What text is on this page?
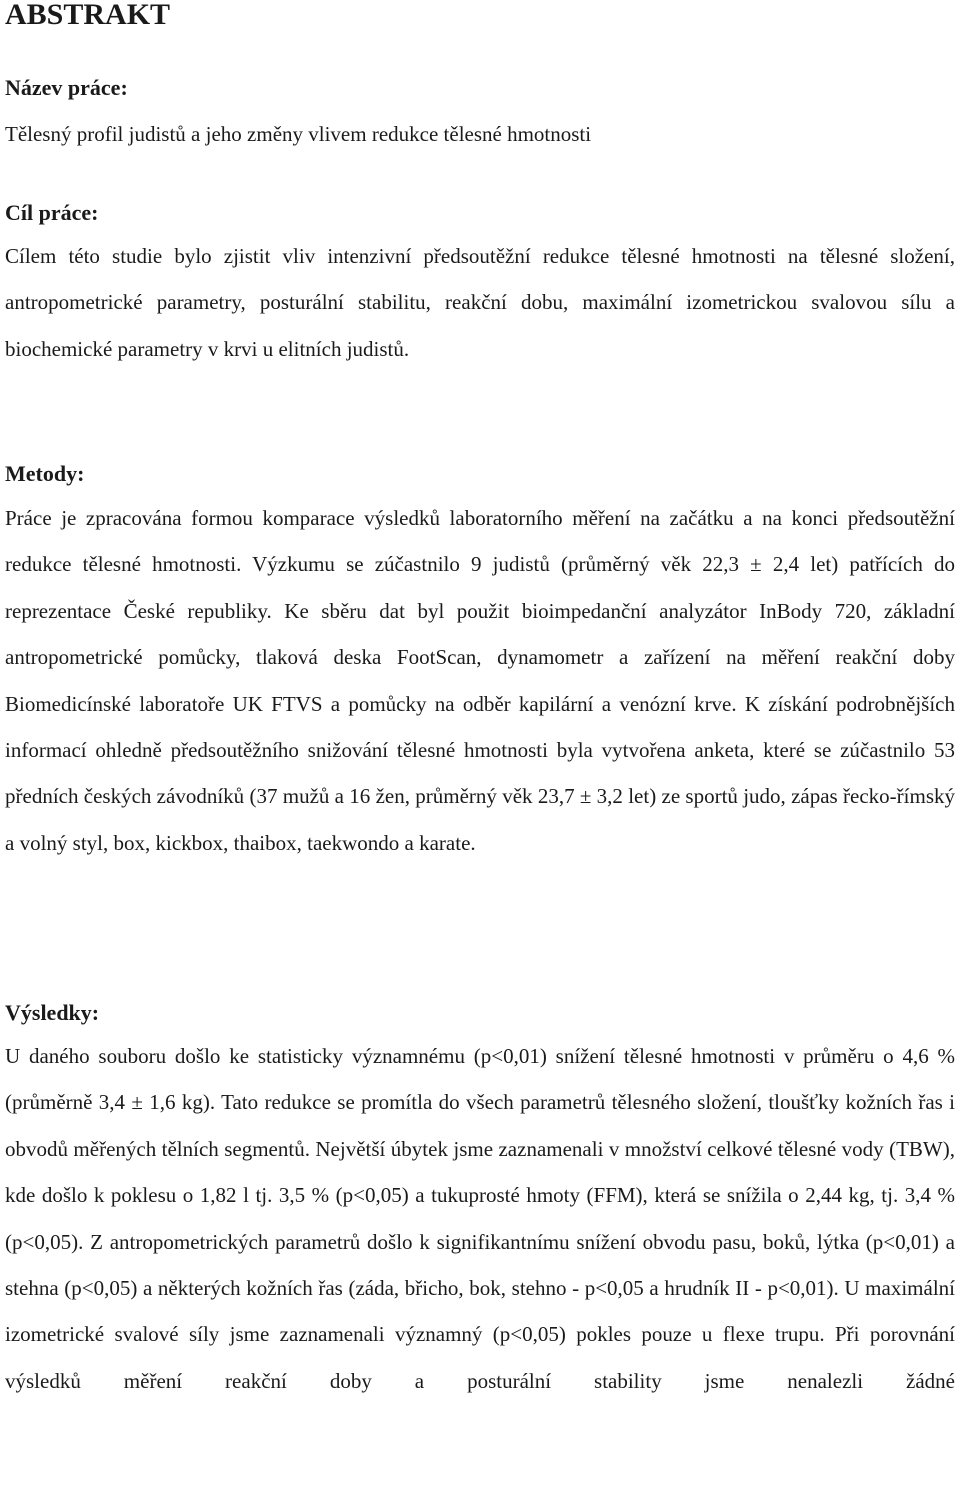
ABSTRAKT
Název práce:

Tělesný profil judistů a jeho změny vlivem redukce tělesné hmotnosti

Cíl práce:

Cílem této studie bylo zjistit vliv intenzivní předsoutěžní redukce tělesné hmotnosti na tělesné složení, antropometrické parametry, posturální stabilitu, reakční dobu, maximální izometrickou svalovou sílu a biochemické parametry v krvi u elitních judistů.

Metody:

Práce je zpracována formou komparace výsledků laboratorního měření na začátku a na konci předsoutěžní redukce tělesné hmotnosti. Výzkumu se zúčastnilo 9 judistů (průměrný věk 22,3 ± 2,4 let) patřících do reprezentace České republiky. Ke sběru dat byl použit bioimpedanční analyzátor InBody 720, základní antropometrické pomůcky, tlaková deska FootScan, dynamometr a zařízení na měření reakční doby Biomedicínské laboratoře UK FTVS a pomůcky na odběr kapilární a venózní krve. K získání podrobnějších informací ohledně předsoutěžního snižování tělesné hmotnosti byla vytvořena anketa, které se zúčastnilo 53 předních českých závodníků (37 mužů a 16 žen, průměrný věk 23,7 ± 3,2 let) ze sportů judo, zápas řecko-římský a volný styl, box, kickbox, thaibox, taekwondo a karate.

Výsledky:

U daného souboru došlo ke statisticky významnému (p<0,01) snížení tělesné hmotnosti v průměru o 4,6 % (průměrně 3,4 ± 1,6 kg). Tato redukce se promítla do všech parametrů tělesného složení, tloušťky kožních řas i obvodů měřených tělních segmentů. Největší úbytek jsme zaznamenali v množství celkové tělesné vody (TBW), kde došlo k poklesu o 1,82 l tj. 3,5 % (p<0,05) a tukuprosté hmoty (FFM), která se snížila o 2,44 kg, tj. 3,4 % (p<0,05). Z antropometrických parametrů došlo k signifikantnímu snížení obvodu pasu, boků, lýtka (p<0,01) a stehna (p<0,05) a některých kožních řas (záda, břicho, bok, stehno - p<0,05 a hrudník II - p<0,01). U maximální izometrické svalové síly jsme zaznamenali významný (p<0,05) pokles pouze u flexe trupu. Při porovnání výsledků měření reakční doby a posturální stability jsme nenalezli žádné
